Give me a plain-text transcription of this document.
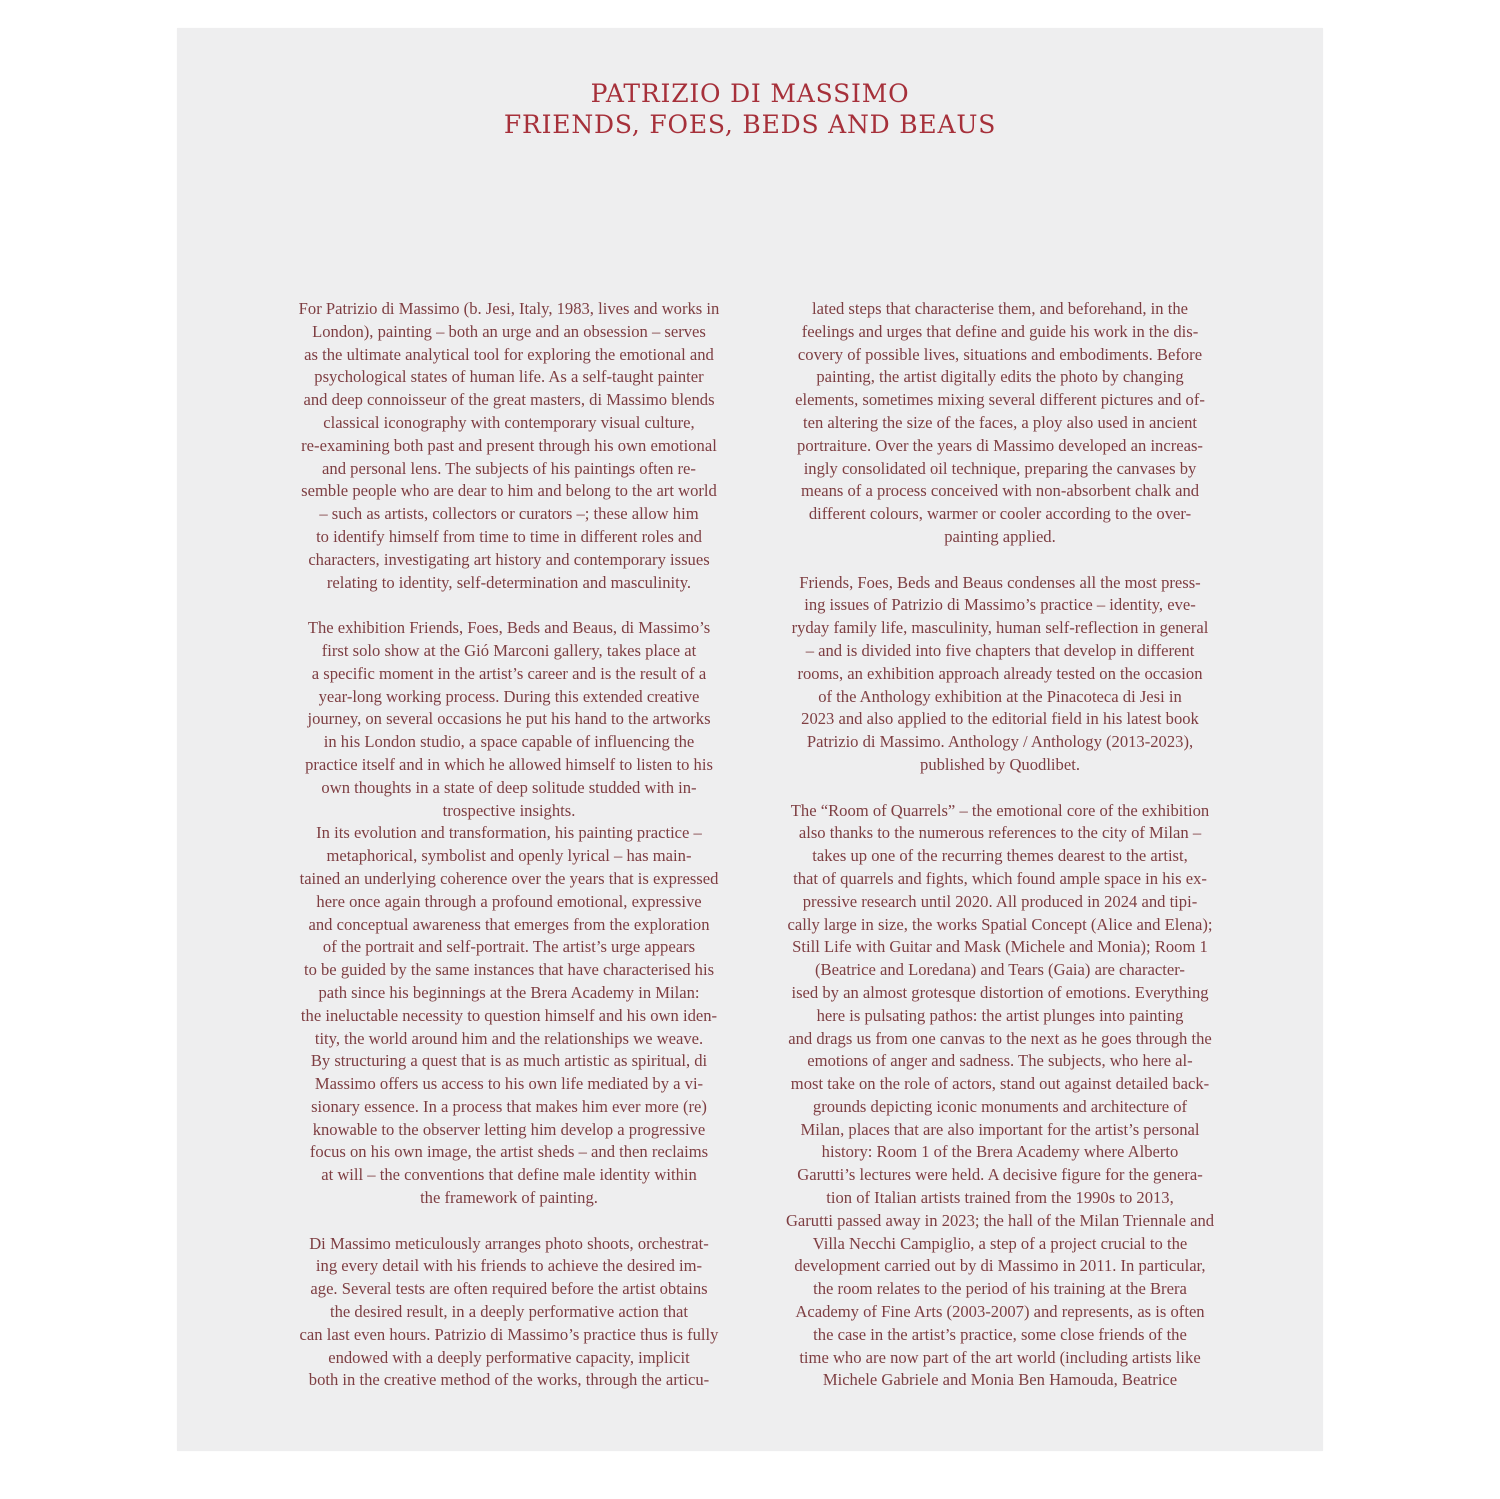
PATRIZIO DI MASSIMO
FRIENDS, FOES, BEDS AND BEAUS
For Patrizio di Massimo (b. Jesi, Italy, 1983, lives and works in
London), painting – both an urge and an obsession – serves
as the ultimate analytical tool for exploring the emotional and
psychological states of human life. As a self-taught painter
and deep connoisseur of the great masters, di Massimo blends
classical iconography with contemporary visual culture,
re-examining both past and present through his own emotional
and personal lens. The subjects of his paintings often re-
semble people who are dear to him and belong to the art world
– such as artists, collectors or curators –; these allow him
to identify himself from time to time in different roles and
characters, investigating art history and contemporary issues
relating to identity, self-determination and masculinity.
The exhibition Friends, Foes, Beds and Beaus, di Massimo’s
first solo show at the Gió Marconi gallery, takes place at
a specific moment in the artist’s career and is the result of a
year-long working process. During this extended creative
journey, on several occasions he put his hand to the artworks
in his London studio, a space capable of influencing the
practice itself and in which he allowed himself to listen to his
own thoughts in a state of deep solitude studded with in-
trospective insights.
In its evolution and transformation, his painting practice –
metaphorical, symbolist and openly lyrical – has main-
tained an underlying coherence over the years that is expressed
here once again through a profound emotional, expressive
and conceptual awareness that emerges from the exploration
of the portrait and self-portrait. The artist’s urge appears
to be guided by the same instances that have characterised his
path since his beginnings at the Brera Academy in Milan:
the ineluctable necessity to question himself and his own iden-
tity, the world around him and the relationships we weave.
By structuring a quest that is as much artistic as spiritual, di
Massimo offers us access to his own life mediated by a vi-
sionary essence. In a process that makes him ever more (re)
knowable to the observer letting him develop a progressive
focus on his own image, the artist sheds – and then reclaims
at will – the conventions that define male identity within
the framework of painting.
Di Massimo meticulously arranges photo shoots, orchestrat-
ing every detail with his friends to achieve the desired im-
age. Several tests are often required before the artist obtains
the desired result, in a deeply performative action that
can last even hours. Patrizio di Massimo’s practice thus is fully
endowed with a deeply performative capacity, implicit
both in the creative method of the works, through the articu-
lated steps that characterise them, and beforehand, in the
feelings and urges that define and guide his work in the dis-
covery of possible lives, situations and embodiments. Before
painting, the artist digitally edits the photo by changing
elements, sometimes mixing several different pictures and of-
ten altering the size of the faces, a ploy also used in ancient
portraiture. Over the years di Massimo developed an increas-
ingly consolidated oil technique, preparing the canvases by
means of a process conceived with non-absorbent chalk and
different colours, warmer or cooler according to the over-
painting applied.
Friends, Foes, Beds and Beaus condenses all the most press-
ing issues of Patrizio di Massimo’s practice – identity, eve-
ryday family life, masculinity, human self-reflection in general
– and is divided into five chapters that develop in different
rooms, an exhibition approach already tested on the occasion
of the Anthology exhibition at the Pinacoteca di Jesi in
2023 and also applied to the editorial field in his latest book
Patrizio di Massimo. Anthology / Anthology (2013-2023),
published by Quodlibet.
The “Room of Quarrels” – the emotional core of the exhibition
also thanks to the numerous references to the city of Milan –
takes up one of the recurring themes dearest to the artist,
that of quarrels and fights, which found ample space in his ex-
pressive research until 2020. All produced in 2024 and tipi-
cally large in size, the works Spatial Concept (Alice and Elena);
Still Life with Guitar and Mask (Michele and Monia); Room 1
(Beatrice and Loredana) and Tears (Gaia) are character-
ised by an almost grotesque distortion of emotions. Everything
here is pulsating pathos: the artist plunges into painting
and drags us from one canvas to the next as he goes through the
emotions of anger and sadness. The subjects, who here al-
most take on the role of actors, stand out against detailed back-
grounds depicting iconic monuments and architecture of
Milan, places that are also important for the artist’s personal
history: Room 1 of the Brera Academy where Alberto
Garutti’s lectures were held. A decisive figure for the genera-
tion of Italian artists trained from the 1990s to 2013,
Garutti passed away in 2023; the hall of the Milan Triennale and
Villa Necchi Campiglio, a step of a project crucial to the
development carried out by di Massimo in 2011. In particular,
the room relates to the period of his training at the Brera
Academy of Fine Arts (2003-2007) and represents, as is often
the case in the artist’s practice, some close friends of the
time who are now part of the art world (including artists like
Michele Gabriele and Monia Ben Hamouda, Beatrice
